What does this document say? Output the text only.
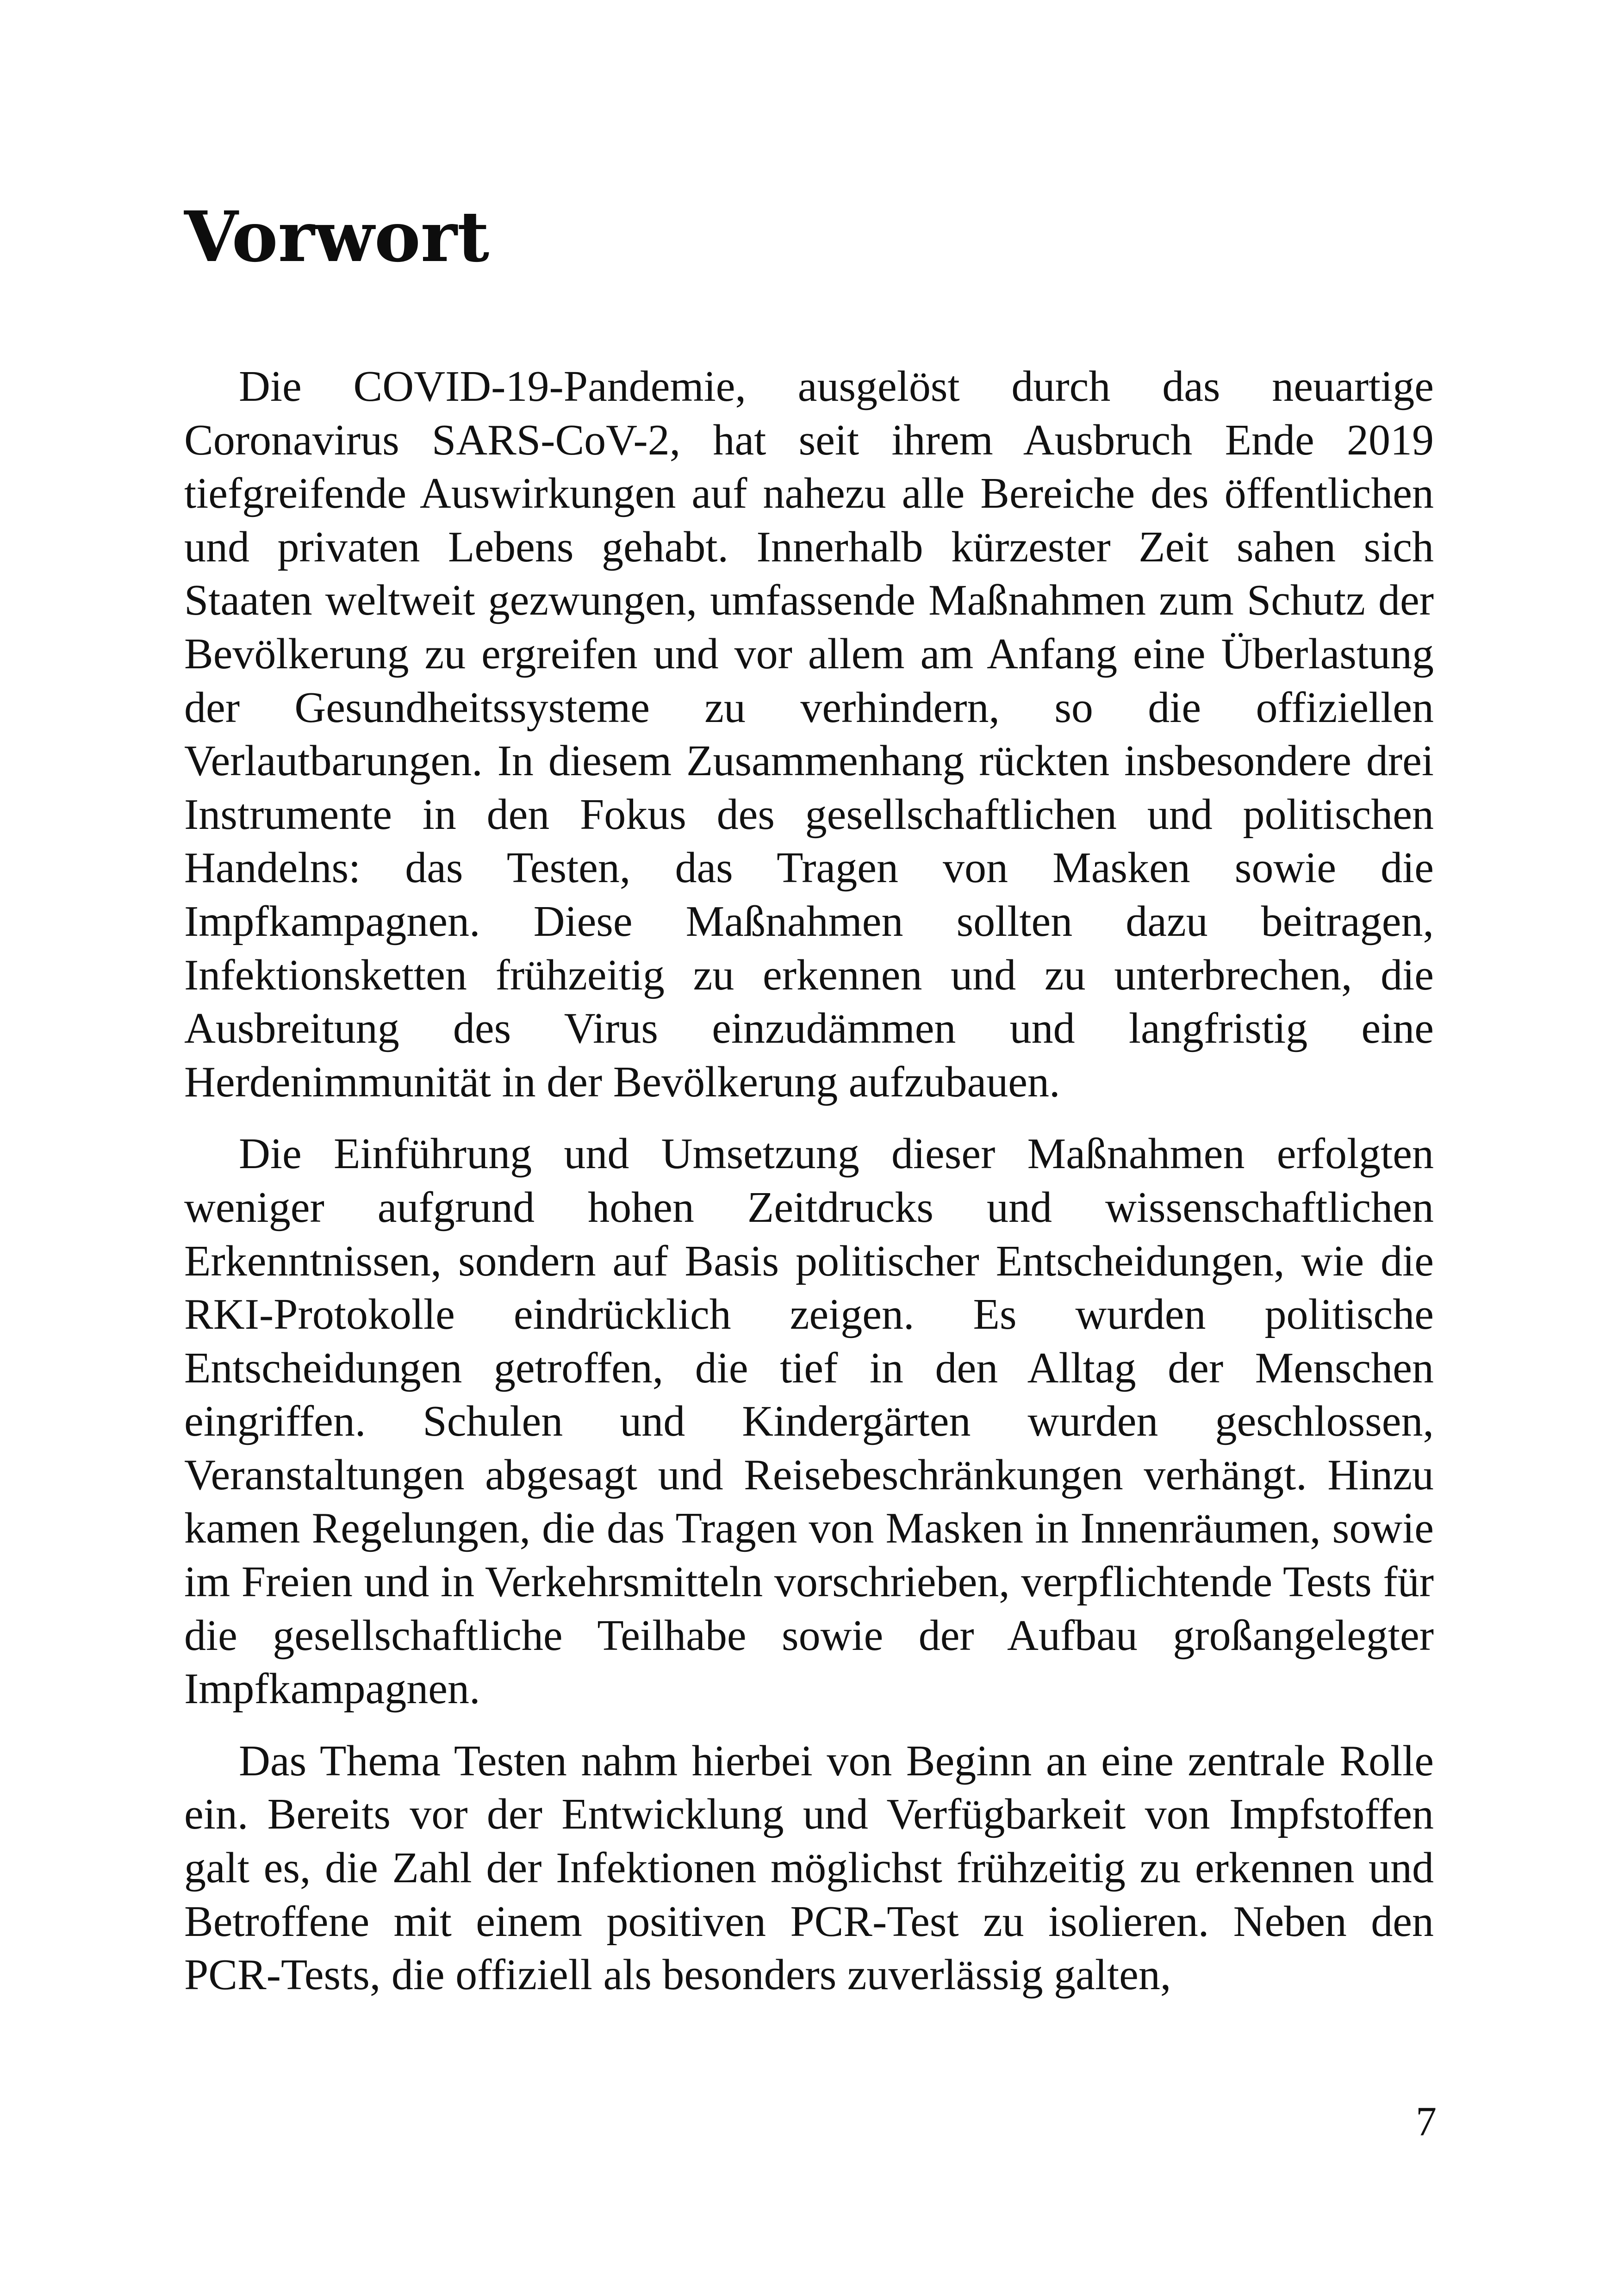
Vorwort

Die COVID-19-Pandemie, ausgelöst durch das neuartige Coronavirus SARS-CoV-2, hat seit ihrem Ausbruch Ende 2019 tiefgreifende Auswirkungen auf nahezu alle Bereiche des öffentlichen und privaten Lebens gehabt. Innerhalb kürzester Zeit sahen sich Staaten weltweit gezwungen, umfassende Maßnahmen zum Schutz der Bevölkerung zu ergreifen und vor allem am Anfang eine Überlastung der Gesundheitssysteme zu verhindern, so die offiziellen Verlautbarungen. In diesem Zusammenhang rückten insbesondere drei Instrumente in den Fokus des gesellschaftlichen und politischen Handelns: das Testen, das Tragen von Masken sowie die Impfkampagnen. Diese Maßnahmen sollten dazu beitragen, Infektionsketten frühzeitig zu erkennen und zu unterbrechen, die Ausbreitung des Virus einzudämmen und langfristig eine Herdenimmunität in der Bevölkerung aufzubauen.

Die Einführung und Umsetzung dieser Maßnahmen erfolgten weniger aufgrund hohen Zeitdrucks und wissenschaftlichen Erkenntnissen, sondern auf Basis politischer Entscheidungen, wie die RKI-Protokolle eindrücklich zeigen. Es wurden politische Entscheidungen getroffen, die tief in den Alltag der Menschen eingriffen. Schulen und Kindergärten wurden geschlossen, Veranstaltungen abgesagt und Reisebeschränkungen verhängt. Hinzu kamen Regelungen, die das Tragen von Masken in Innenräumen, sowie im Freien und in Verkehrsmitteln vorschrieben, verpflichtende Tests für die gesellschaftliche Teilhabe sowie der Aufbau großangelegter Impfkampagnen.

Das Thema Testen nahm hierbei von Beginn an eine zentrale Rolle ein. Bereits vor der Entwicklung und Verfügbarkeit von Impfstoffen galt es, die Zahl der Infektionen möglichst frühzeitig zu erkennen und Betroffene mit einem positiven PCR-Test zu isolieren. Neben den PCR-Tests, die offiziell als besonders zuverlässig galten,

7
